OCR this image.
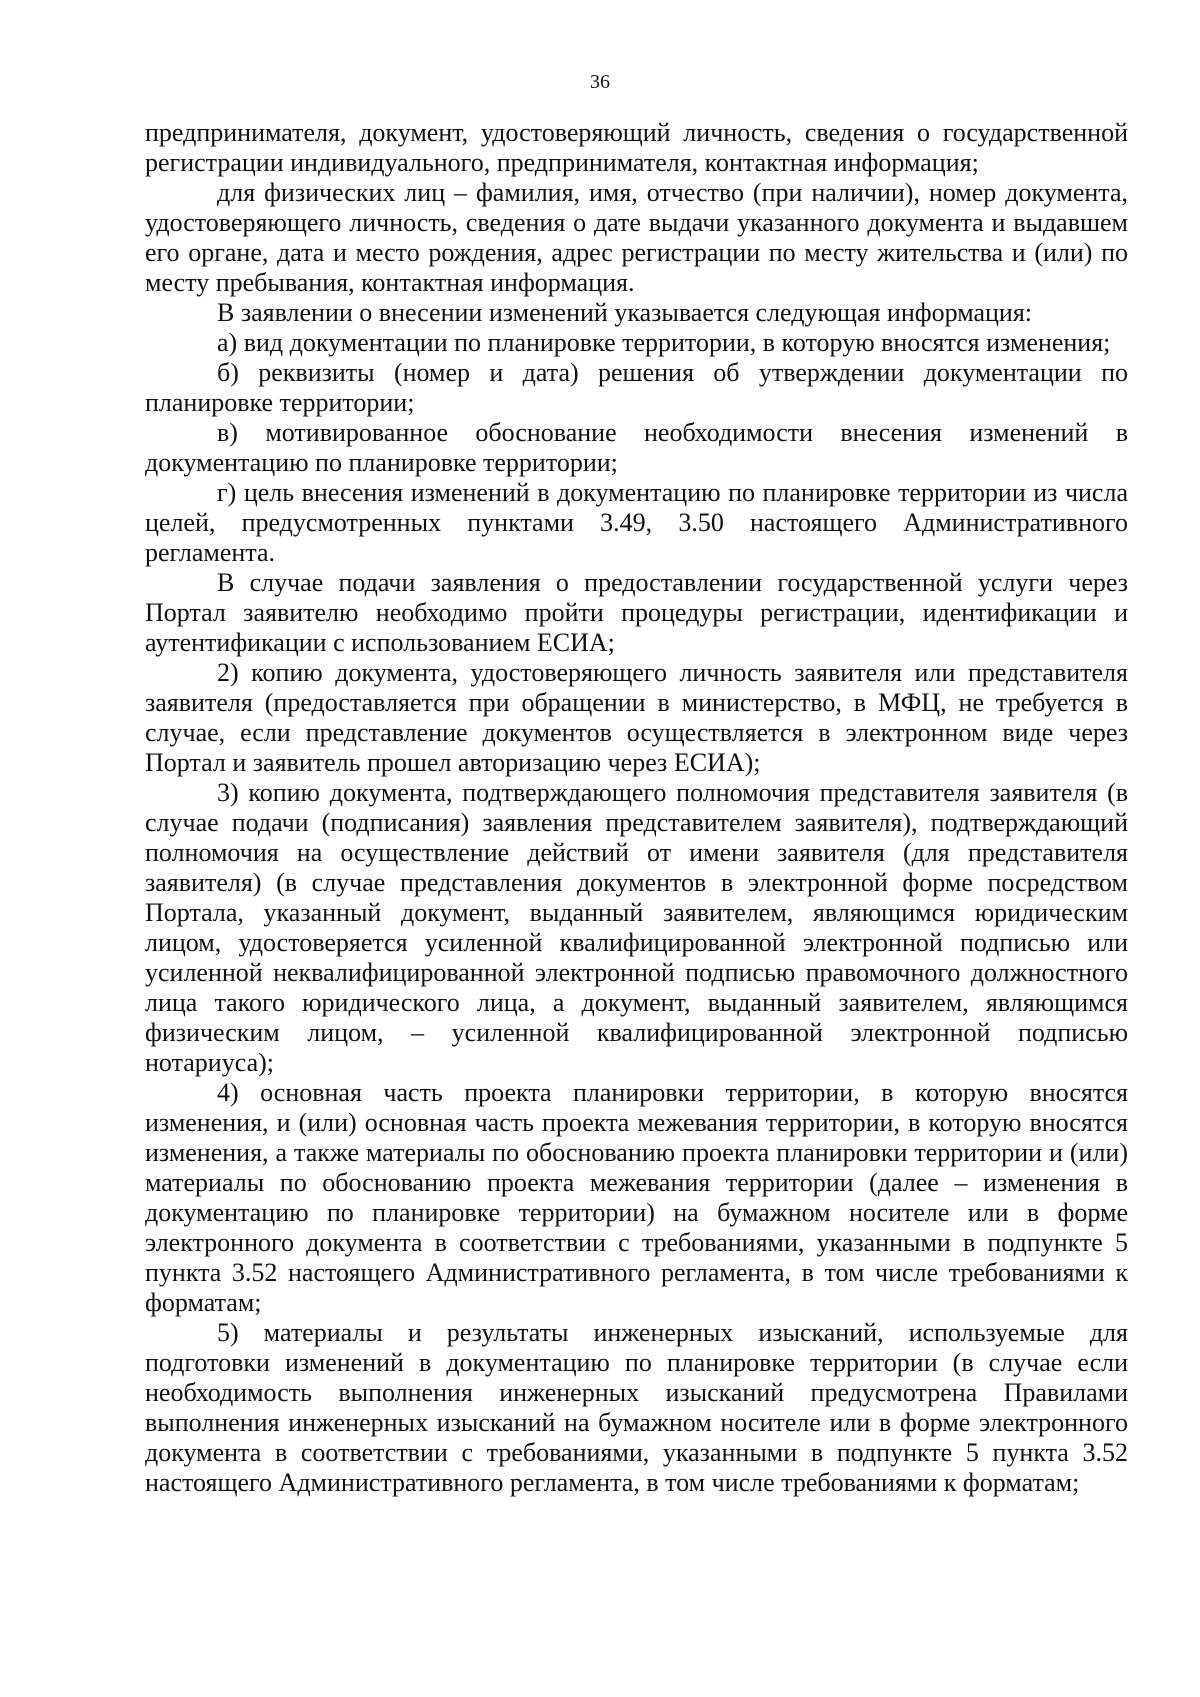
36

предпринимателя, документ, удостоверяющий личность, сведения о государственной регистрации индивидуального, предпринимателя, контактная информация;

для физических лиц – фамилия, имя, отчество (при наличии), номер документа, удостоверяющего личность, сведения о дате выдачи указанного документа и выдавшем его органе, дата и место рождения, адрес регистрации по месту жительства и (или) по месту пребывания, контактная информация.

В заявлении о внесении изменений указывается следующая информация:

а) вид документации по планировке территории, в которую вносятся изменения;

б) реквизиты (номер и дата) решения об утверждении документации по планировке территории;

в) мотивированное обоснование необходимости внесения изменений в документацию по планировке территории;

г) цель внесения изменений в документацию по планировке территории из числа целей, предусмотренных пунктами 3.49, 3.50 настоящего Административного регламента.

В случае подачи заявления о предоставлении государственной услуги через Портал заявителю необходимо пройти процедуры регистрации, идентификации и аутентификации с использованием ЕСИА;

2) копию документа, удостоверяющего личность заявителя или представителя заявителя (предоставляется при обращении в министерство, в МФЦ, не требуется в случае, если представление документов осуществляется в электронном виде через Портал и заявитель прошел авторизацию через ЕСИА);

3) копию документа, подтверждающего полномочия представителя заявителя (в случае подачи (подписания) заявления представителем заявителя), подтверждающий полномочия на осуществление действий от имени заявителя (для представителя заявителя) (в случае представления документов в электронной форме посредством Портала, указанный документ, выданный заявителем, являющимся юридическим лицом, удостоверяется усиленной квалифицированной электронной подписью или усиленной неквалифицированной электронной подписью правомочного должностного лица такого юридического лица, а документ, выданный заявителем, являющимся физическим лицом, – усиленной квалифицированной электронной подписью нотариуса);

4) основная часть проекта планировки территории, в которую вносятся изменения, и (или) основная часть проекта межевания территории, в которую вносятся изменения, а также материалы по обоснованию проекта планировки территории и (или) материалы по обоснованию проекта межевания территории (далее – изменения в документацию по планировке территории) на бумажном носителе или в форме электронного документа в соответствии с требованиями, указанными в подпункте 5 пункта 3.52 настоящего Административного регламента, в том числе требованиями к форматам;

5) материалы и результаты инженерных изысканий, используемые для подготовки изменений в документацию по планировке территории (в случае если необходимость выполнения инженерных изысканий предусмотрена Правилами выполнения инженерных изысканий на бумажном носителе или в форме электронного документа в соответствии с требованиями, указанными в подпункте 5 пункта 3.52 настоящего Административного регламента, в том числе требованиями к форматам;
